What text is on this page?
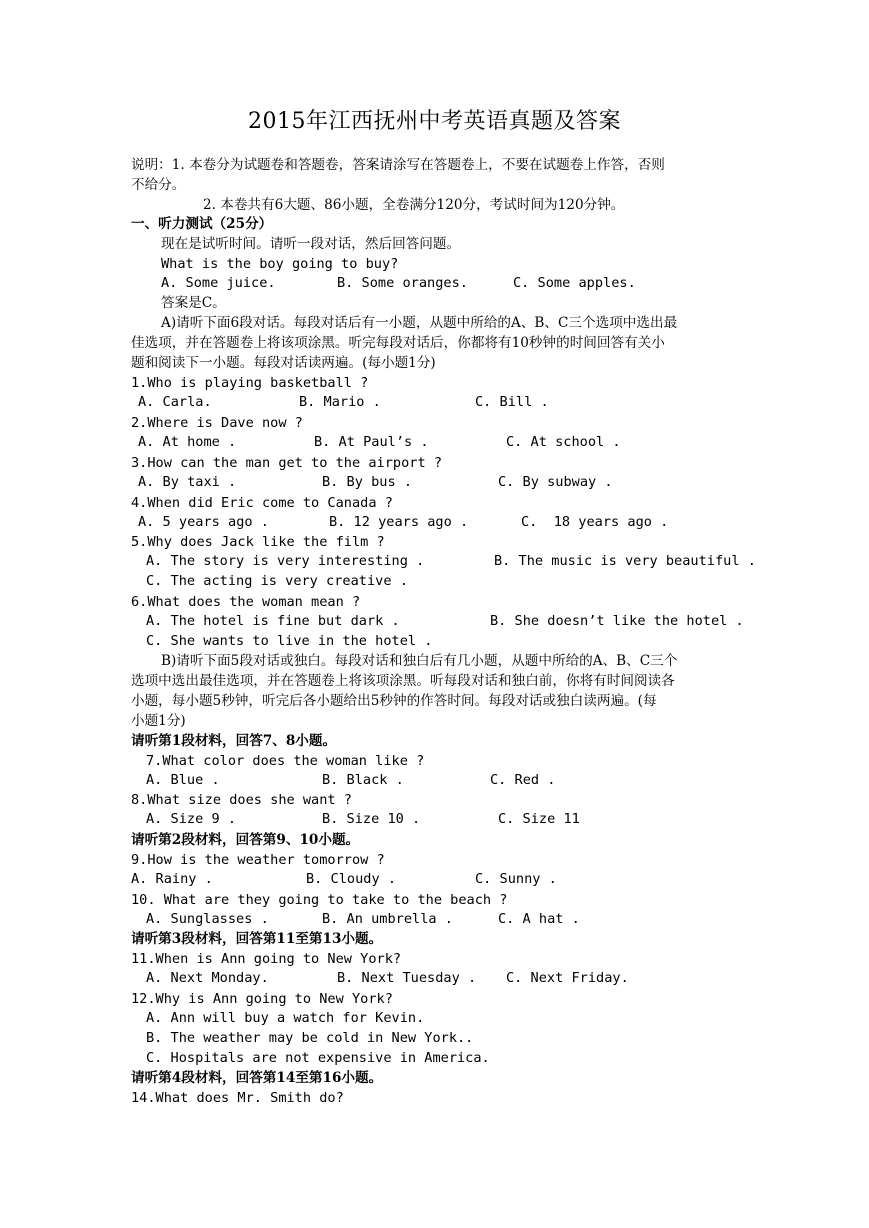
2015年江西抚州中考英语真题及答案
说明：1. 本卷分为试题卷和答题卷，答案请涂写在答题卷上，不要在试题卷上作答，否则
不给分。
2. 本卷共有6大题、86小题，全卷满分120分，考试时间为120分钟。
一、听力测试（25分）
现在是试听时间。请听一段对话，然后回答问题。
What is the boy going to buy?
A. Some juice.	B. Some oranges.	C. Some apples.
答案是C。
A)请听下面6段对话。每段对话后有一小题，从题中所给的A、B、C三个选项中选出最
佳选项，并在答题卷上将该项涂黑。听完每段对话后，你都将有10秒钟的时间回答有关小
题和阅读下一小题。每段对话读两遍。(每小题1分)
1.Who is playing basketball ?
A. Carla.	B. Mario .	C. Bill .
2.Where is Dave now ?
A. At home .	B. At Paul’s .	C. At school .
3.How can the man get to the airport ?
A. By taxi .	B. By bus .	C. By subway .
4.When did Eric come to Canada ?
A. 5 years ago .	B. 12 years ago .	C.  18 years ago .
5.Why does Jack like the film ?
A. The story is very interesting .	B. The music is very beautiful .
C. The acting is very creative .
6.What does the woman mean ?
A. The hotel is fine but dark .	B. She doesn’t like the hotel .
C. She wants to live in the hotel .
B)请听下面5段对话或独白。每段对话和独白后有几小题，从题中所给的A、B、C三个
选项中选出最佳选项，并在答题卷上将该项涂黑。听每段对话和独白前，你将有时间阅读各
小题，每小题5秒钟，听完后各小题给出5秒钟的作答时间。每段对话或独白读两遍。(每
小题1分)
请听第1段材料，回答7、8小题。
7.What color does the woman like ?
A. Blue .	B. Black .	C. Red .
8.What size does she want ?
A. Size 9 .	B. Size 10 .	C. Size 11
请听第2段材料，回答第9、10小题。
9.How is the weather tomorrow ?
A. Rainy .	B. Cloudy .	C. Sunny .
10. What are they going to take to the beach ?
A. Sunglasses .	B. An umbrella .	C. A hat .
请听第3段材料，回答第11至第13小题。
11.When is Ann going to New York?
A. Next Monday.	B. Next Tuesday . C. Next Friday.
12.Why is Ann going to New York?
A. Ann will buy a watch for Kevin.
B. The weather may be cold in New York..
C. Hospitals are not expensive in America.
请听第4段材料，回答第14至第16小题。
14.What does Mr. Smith do?
